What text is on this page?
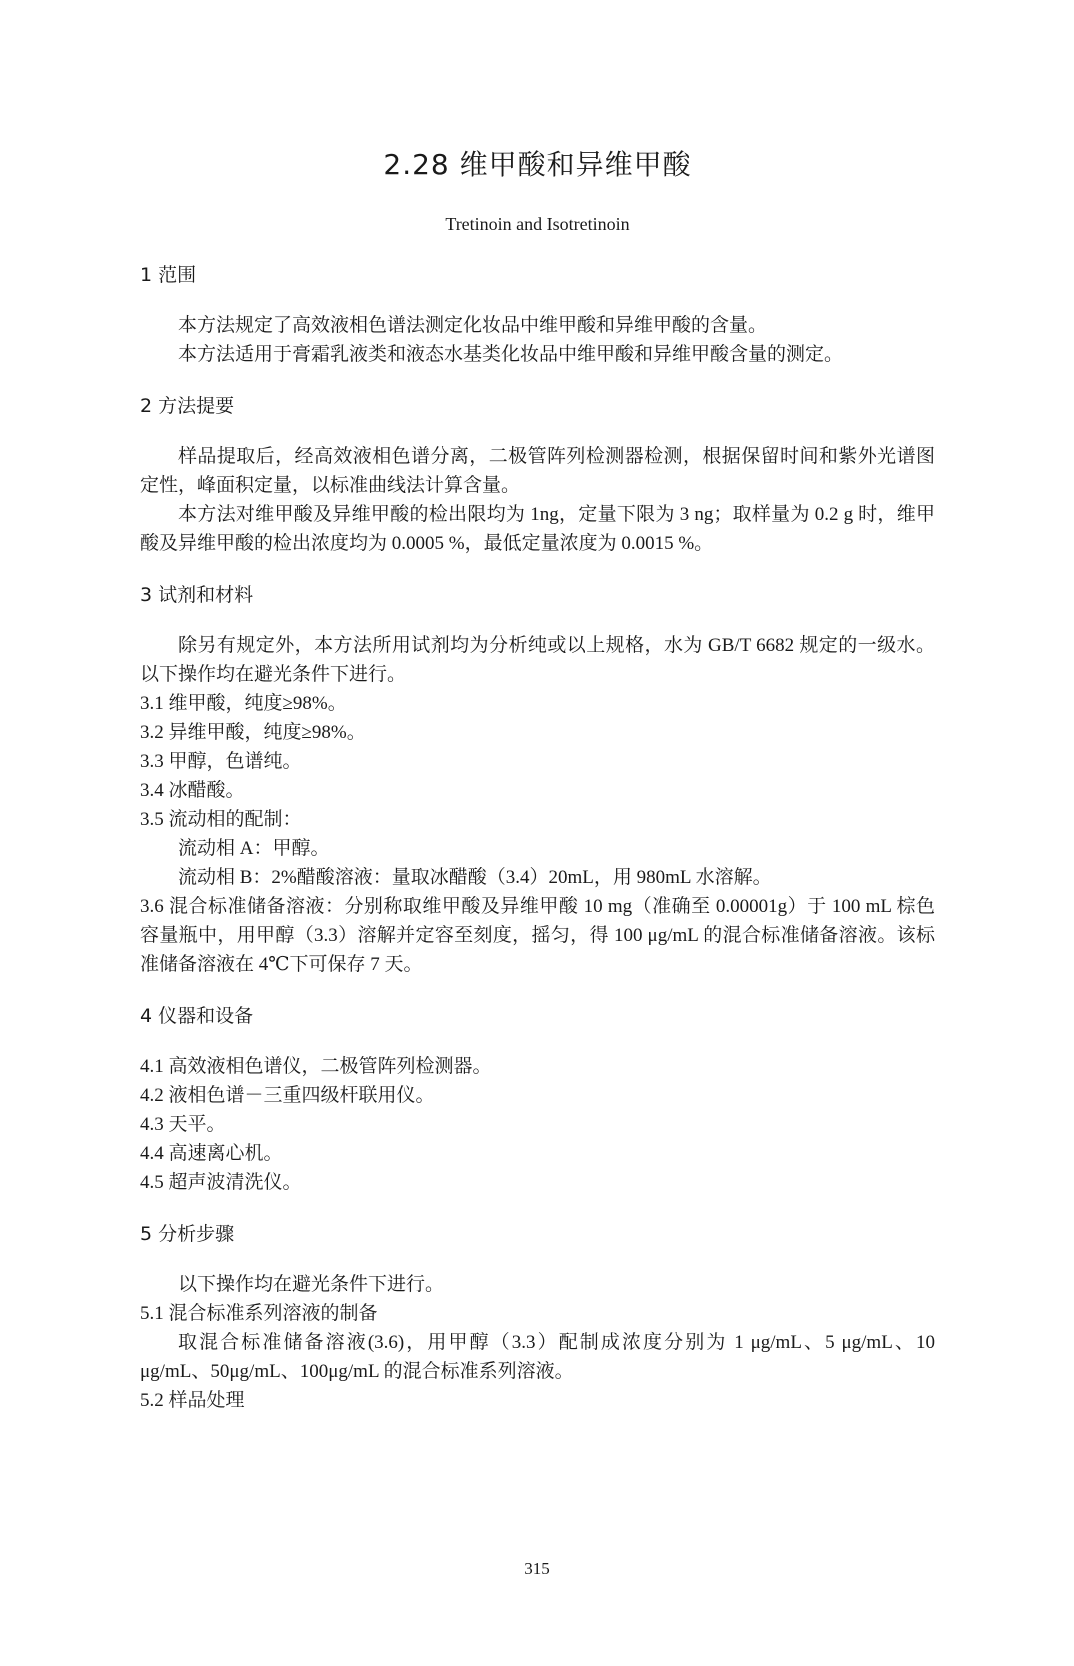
2.28 维甲酸和异维甲酸
Tretinoin and Isotretinoin
1 范围

本方法规定了高效液相色谱法测定化妆品中维甲酸和异维甲酸的含量。

本方法适用于膏霜乳液类和液态水基类化妆品中维甲酸和异维甲酸含量的测定。

2 方法提要

样品提取后，经高效液相色谱分离，二极管阵列检测器检测，根据保留时间和紫外光谱图定性，峰面积定量，以标准曲线法计算含量。

本方法对维甲酸及异维甲酸的检出限均为 1ng，定量下限为 3 ng；取样量为 0.2 g 时，维甲酸及异维甲酸的检出浓度均为 0.0005 %，最低定量浓度为 0.0015 %。

3 试剂和材料

除另有规定外，本方法所用试剂均为分析纯或以上规格，水为 GB/T 6682 规定的一级水。以下操作均在避光条件下进行。

3.1 维甲酸，纯度≥98%。

3.2 异维甲酸，纯度≥98%。

3.3 甲醇，色谱纯。

3.4 冰醋酸。

3.5 流动相的配制：

流动相 A：甲醇。

流动相 B：2%醋酸溶液：量取冰醋酸（3.4）20mL，用 980mL 水溶解。

3.6 混合标准储备溶液：分别称取维甲酸及异维甲酸 10 mg（准确至 0.00001g）于 100 mL 棕色容量瓶中，用甲醇（3.3）溶解并定容至刻度，摇匀，得 100 μg/mL 的混合标准储备溶液。该标准储备溶液在 4℃下可保存 7 天。

4 仪器和设备

4.1 高效液相色谱仪，二极管阵列检测器。

4.2 液相色谱－三重四级杆联用仪。

4.3 天平。

4.4 高速离心机。

4.5 超声波清洗仪。

5 分析步骤

以下操作均在避光条件下进行。

5.1 混合标准系列溶液的制备

取混合标准储备溶液(3.6)，用甲醇（3.3）配制成浓度分别为 1 μg/mL、5 μg/mL、10 μg/mL、50μg/mL、100μg/mL 的混合标准系列溶液。

5.2 样品处理

315
